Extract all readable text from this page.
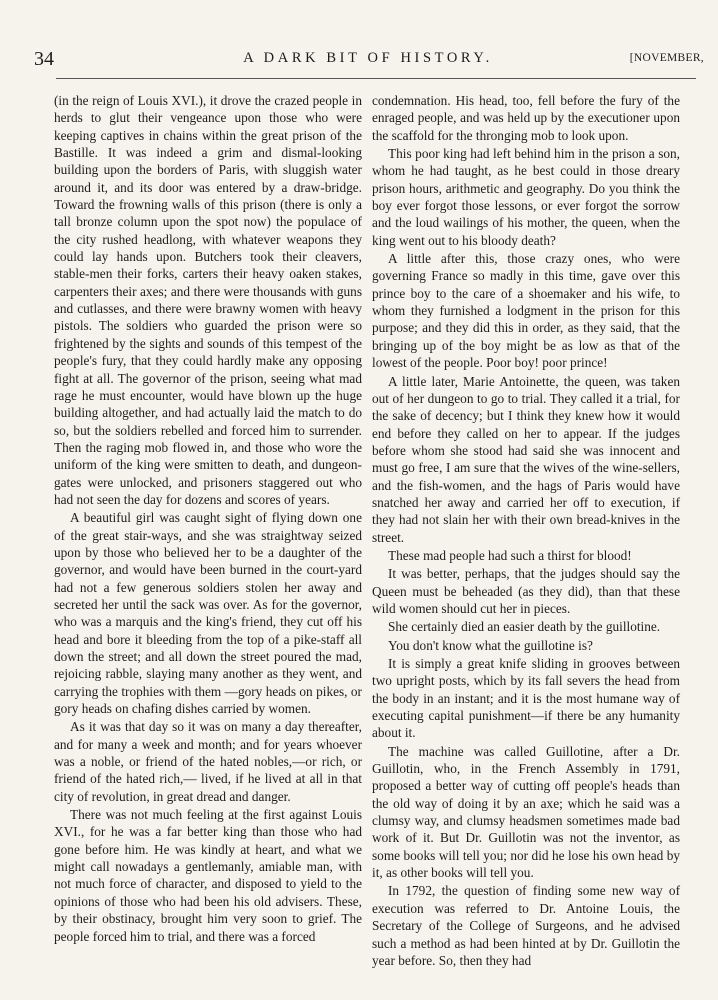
34	A DARK BIT OF HISTORY.	[NOVEMBER,

(in the reign of Louis XVI.), it drove the crazed people in herds to glut their vengeance upon those who were keeping captives in chains within the great prison of the Bastille. It was indeed a grim and dismal-looking building upon the borders of Paris, with sluggish water around it, and its door was entered by a draw-bridge. Toward the frowning walls of this prison (there is only a tall bronze column upon the spot now) the populace of the city rushed headlong, with whatever weapons they could lay hands upon. Butchers took their cleavers, stable-men their forks, carters their heavy oaken stakes, carpenters their axes; and there were thousands with guns and cutlasses, and there were brawny women with heavy pistols. The soldiers who guarded the prison were so frightened by the sights and sounds of this tempest of the people's fury, that they could hardly make any opposing fight at all. The governor of the prison, seeing what mad rage he must encounter, would have blown up the huge building altogether, and had actually laid the match to do so, but the soldiers rebelled and forced him to surrender. Then the raging mob flowed in, and those who wore the uniform of the king were smitten to death, and dungeon-gates were unlocked, and prisoners staggered out who had not seen the day for dozens and scores of years.

A beautiful girl was caught sight of flying down one of the great stair-ways, and she was straightway seized upon by those who believed her to be a daughter of the governor, and would have been burned in the court-yard had not a few generous soldiers stolen her away and secreted her until the sack was over. As for the governor, who was a marquis and the king's friend, they cut off his head and bore it bleeding from the top of a pike-staff all down the street; and all down the street poured the mad, rejoicing rabble, slaying many another as they went, and carrying the trophies with them —gory heads on pikes, or gory heads on chafing dishes carried by women.

As it was that day so it was on many a day thereafter, and for many a week and month; and for years whoever was a noble, or friend of the hated nobles,—or rich, or friend of the hated rich,— lived, if he lived at all in that city of revolution, in great dread and danger.

There was not much feeling at the first against Louis XVI., for he was a far better king than those who had gone before him. He was kindly at heart, and what we might call nowadays a gentlemanly, amiable man, with not much force of character, and disposed to yield to the opinions of those who had been his old advisers. These, by their obstinacy, brought him very soon to grief. The people forced him to trial, and there was a forced

condemnation. His head, too, fell before the fury of the enraged people, and was held up by the executioner upon the scaffold for the thronging mob to look upon.

This poor king had left behind him in the prison a son, whom he had taught, as he best could in those dreary prison hours, arithmetic and geography. Do you think the boy ever forgot those lessons, or ever forgot the sorrow and the loud wailings of his mother, the queen, when the king went out to his bloody death?

A little after this, those crazy ones, who were governing France so madly in this time, gave over this prince boy to the care of a shoemaker and his wife, to whom they furnished a lodgment in the prison for this purpose; and they did this in order, as they said, that the bringing up of the boy might be as low as that of the lowest of the people. Poor boy! poor prince!

A little later, Marie Antoinette, the queen, was taken out of her dungeon to go to trial. They called it a trial, for the sake of decency; but I think they knew how it would end before they called on her to appear. If the judges before whom she stood had said she was innocent and must go free, I am sure that the wives of the wine-sellers, and the fish-women, and the hags of Paris would have snatched her away and carried her off to execution, if they had not slain her with their own bread-knives in the street.

These mad people had such a thirst for blood!

It was better, perhaps, that the judges should say the Queen must be beheaded (as they did), than that these wild women should cut her in pieces.

She certainly died an easier death by the guillotine.

You don't know what the guillotine is?

It is simply a great knife sliding in grooves between two upright posts, which by its fall severs the head from the body in an instant; and it is the most humane way of executing capital punishment—if there be any humanity about it.

The machine was called Guillotine, after a Dr. Guillotin, who, in the French Assembly in 1791, proposed a better way of cutting off people's heads than the old way of doing it by an axe; which he said was a clumsy way, and clumsy headsmen sometimes made bad work of it. But Dr. Guillotin was not the inventor, as some books will tell you; nor did he lose his own head by it, as other books will tell you.

In 1792, the question of finding some new way of execution was referred to Dr. Antoine Louis, the Secretary of the College of Surgeons, and he advised such a method as had been hinted at by Dr. Guillotin the year before. So, then they had
